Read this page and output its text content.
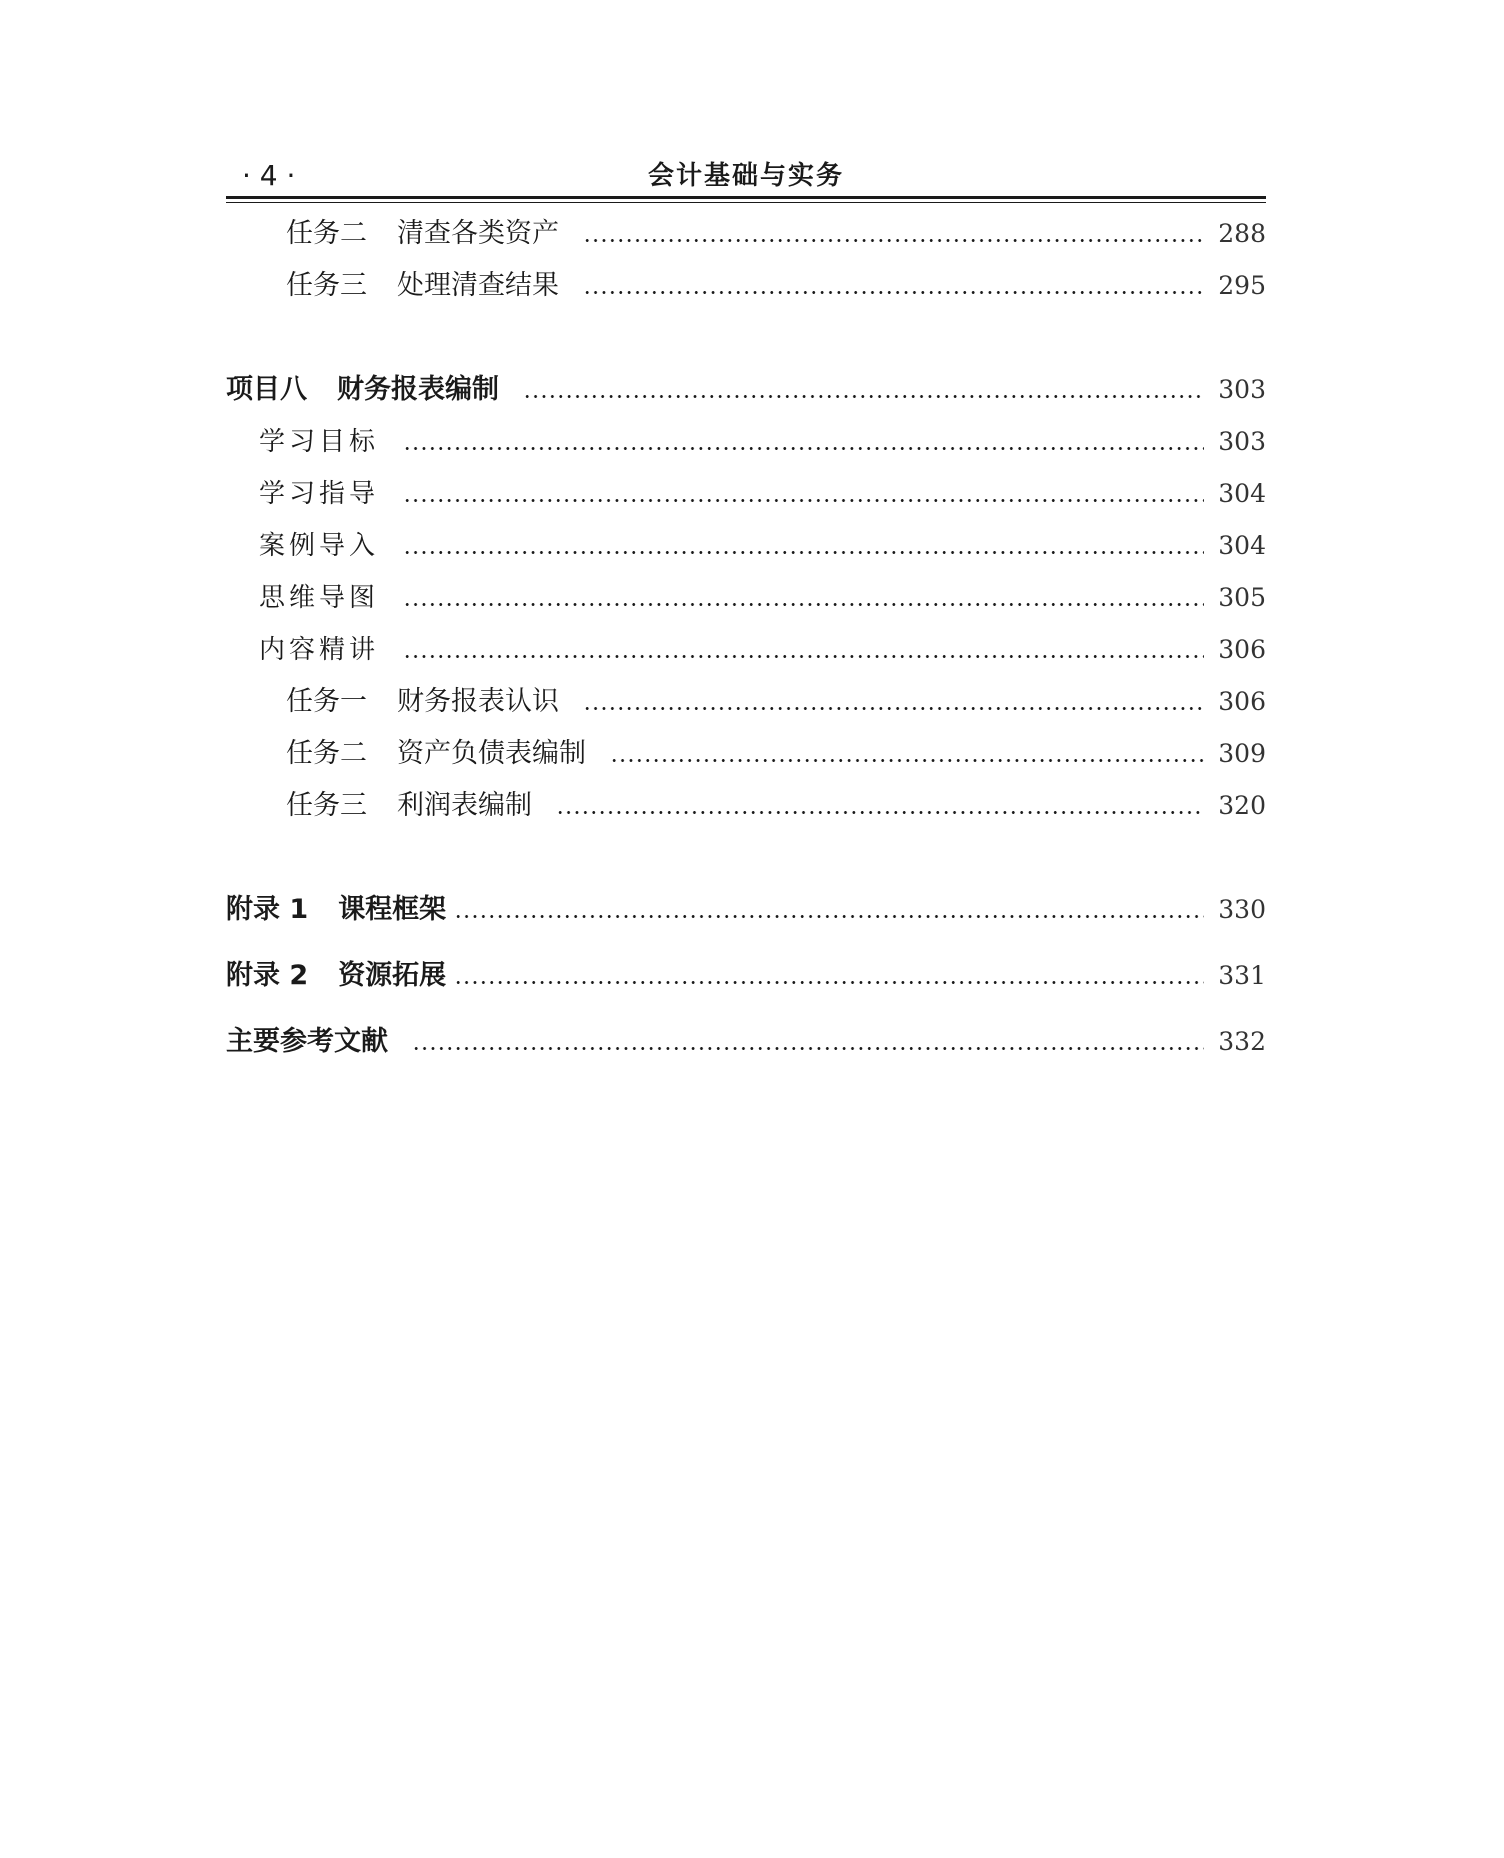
· 4 ·	会计基础与实务
任务二 清查各类资产	288
任务三 处理清查结果	295
项目八 财务报表编制	303
学习目标	303
学习指导	304
案例导入	304
思维导图	305
内容精讲	306
任务一 财务报表认识	306
任务二 资产负债表编制	309
任务三 利润表编制	320
附录 1 课程框架	330
附录 2 资源拓展	331
主要参考文献	332
